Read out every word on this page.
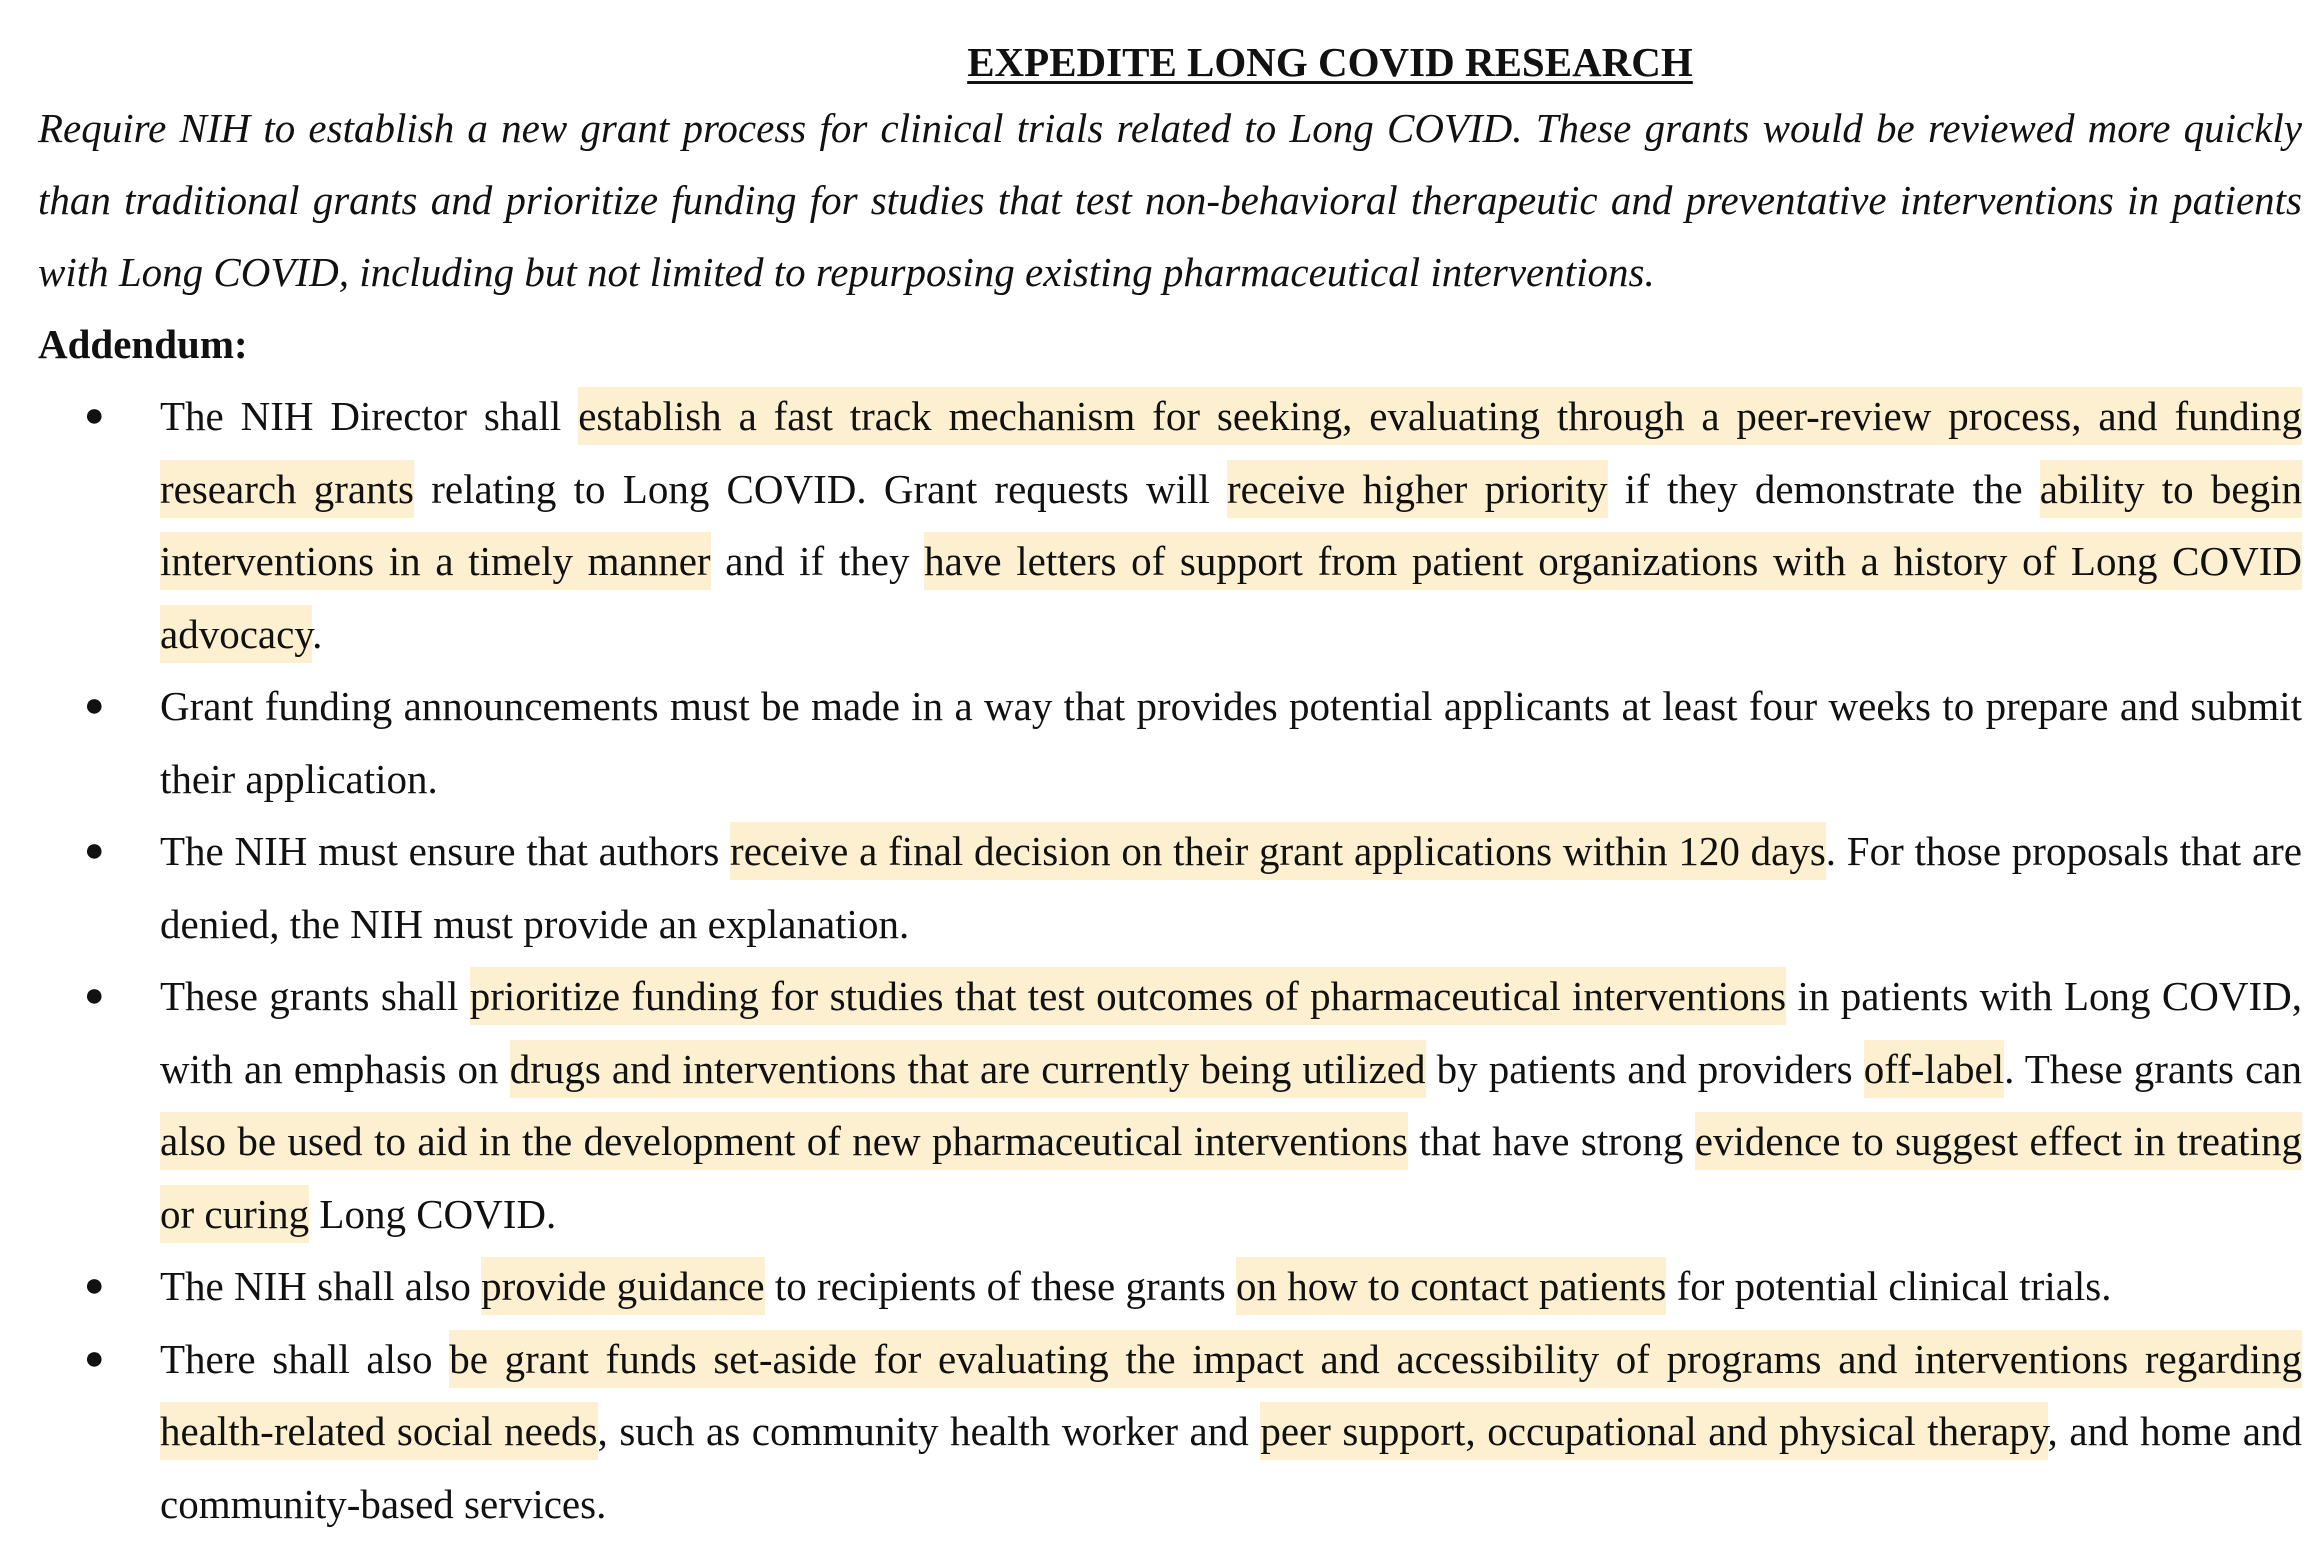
EXPEDITE LONG COVID RESEARCH

Require NIH to establish a new grant process for clinical trials related to Long COVID. These grants would be reviewed more quickly than traditional grants and prioritize funding for studies that test non-behavioral therapeutic and preventative interventions in patients with Long COVID, including but not limited to repurposing existing pharmaceutical interventions.

Addendum:

● The NIH Director shall establish a fast track mechanism for seeking, evaluating through a peer-review process, and funding research grants relating to Long COVID. Grant requests will receive higher priority if they demonstrate the ability to begin interventions in a timely manner and if they have letters of support from patient organizations with a history of Long COVID advocacy.
● Grant funding announcements must be made in a way that provides potential applicants at least four weeks to prepare and submit their application.
● The NIH must ensure that authors receive a final decision on their grant applications within 120 days. For those proposals that are denied, the NIH must provide an explanation.
● These grants shall prioritize funding for studies that test outcomes of pharmaceutical interventions in patients with Long COVID, with an emphasis on drugs and interventions that are currently being utilized by patients and providers off-label. These grants can also be used to aid in the development of new pharmaceutical interventions that have strong evidence to suggest effect in treating or curing Long COVID.
● The NIH shall also provide guidance to recipients of these grants on how to contact patients for potential clinical trials.
● There shall also be grant funds set-aside for evaluating the impact and accessibility of programs and interventions regarding health-related social needs, such as community health worker and peer support, occupational and physical therapy, and home and community-based services.
